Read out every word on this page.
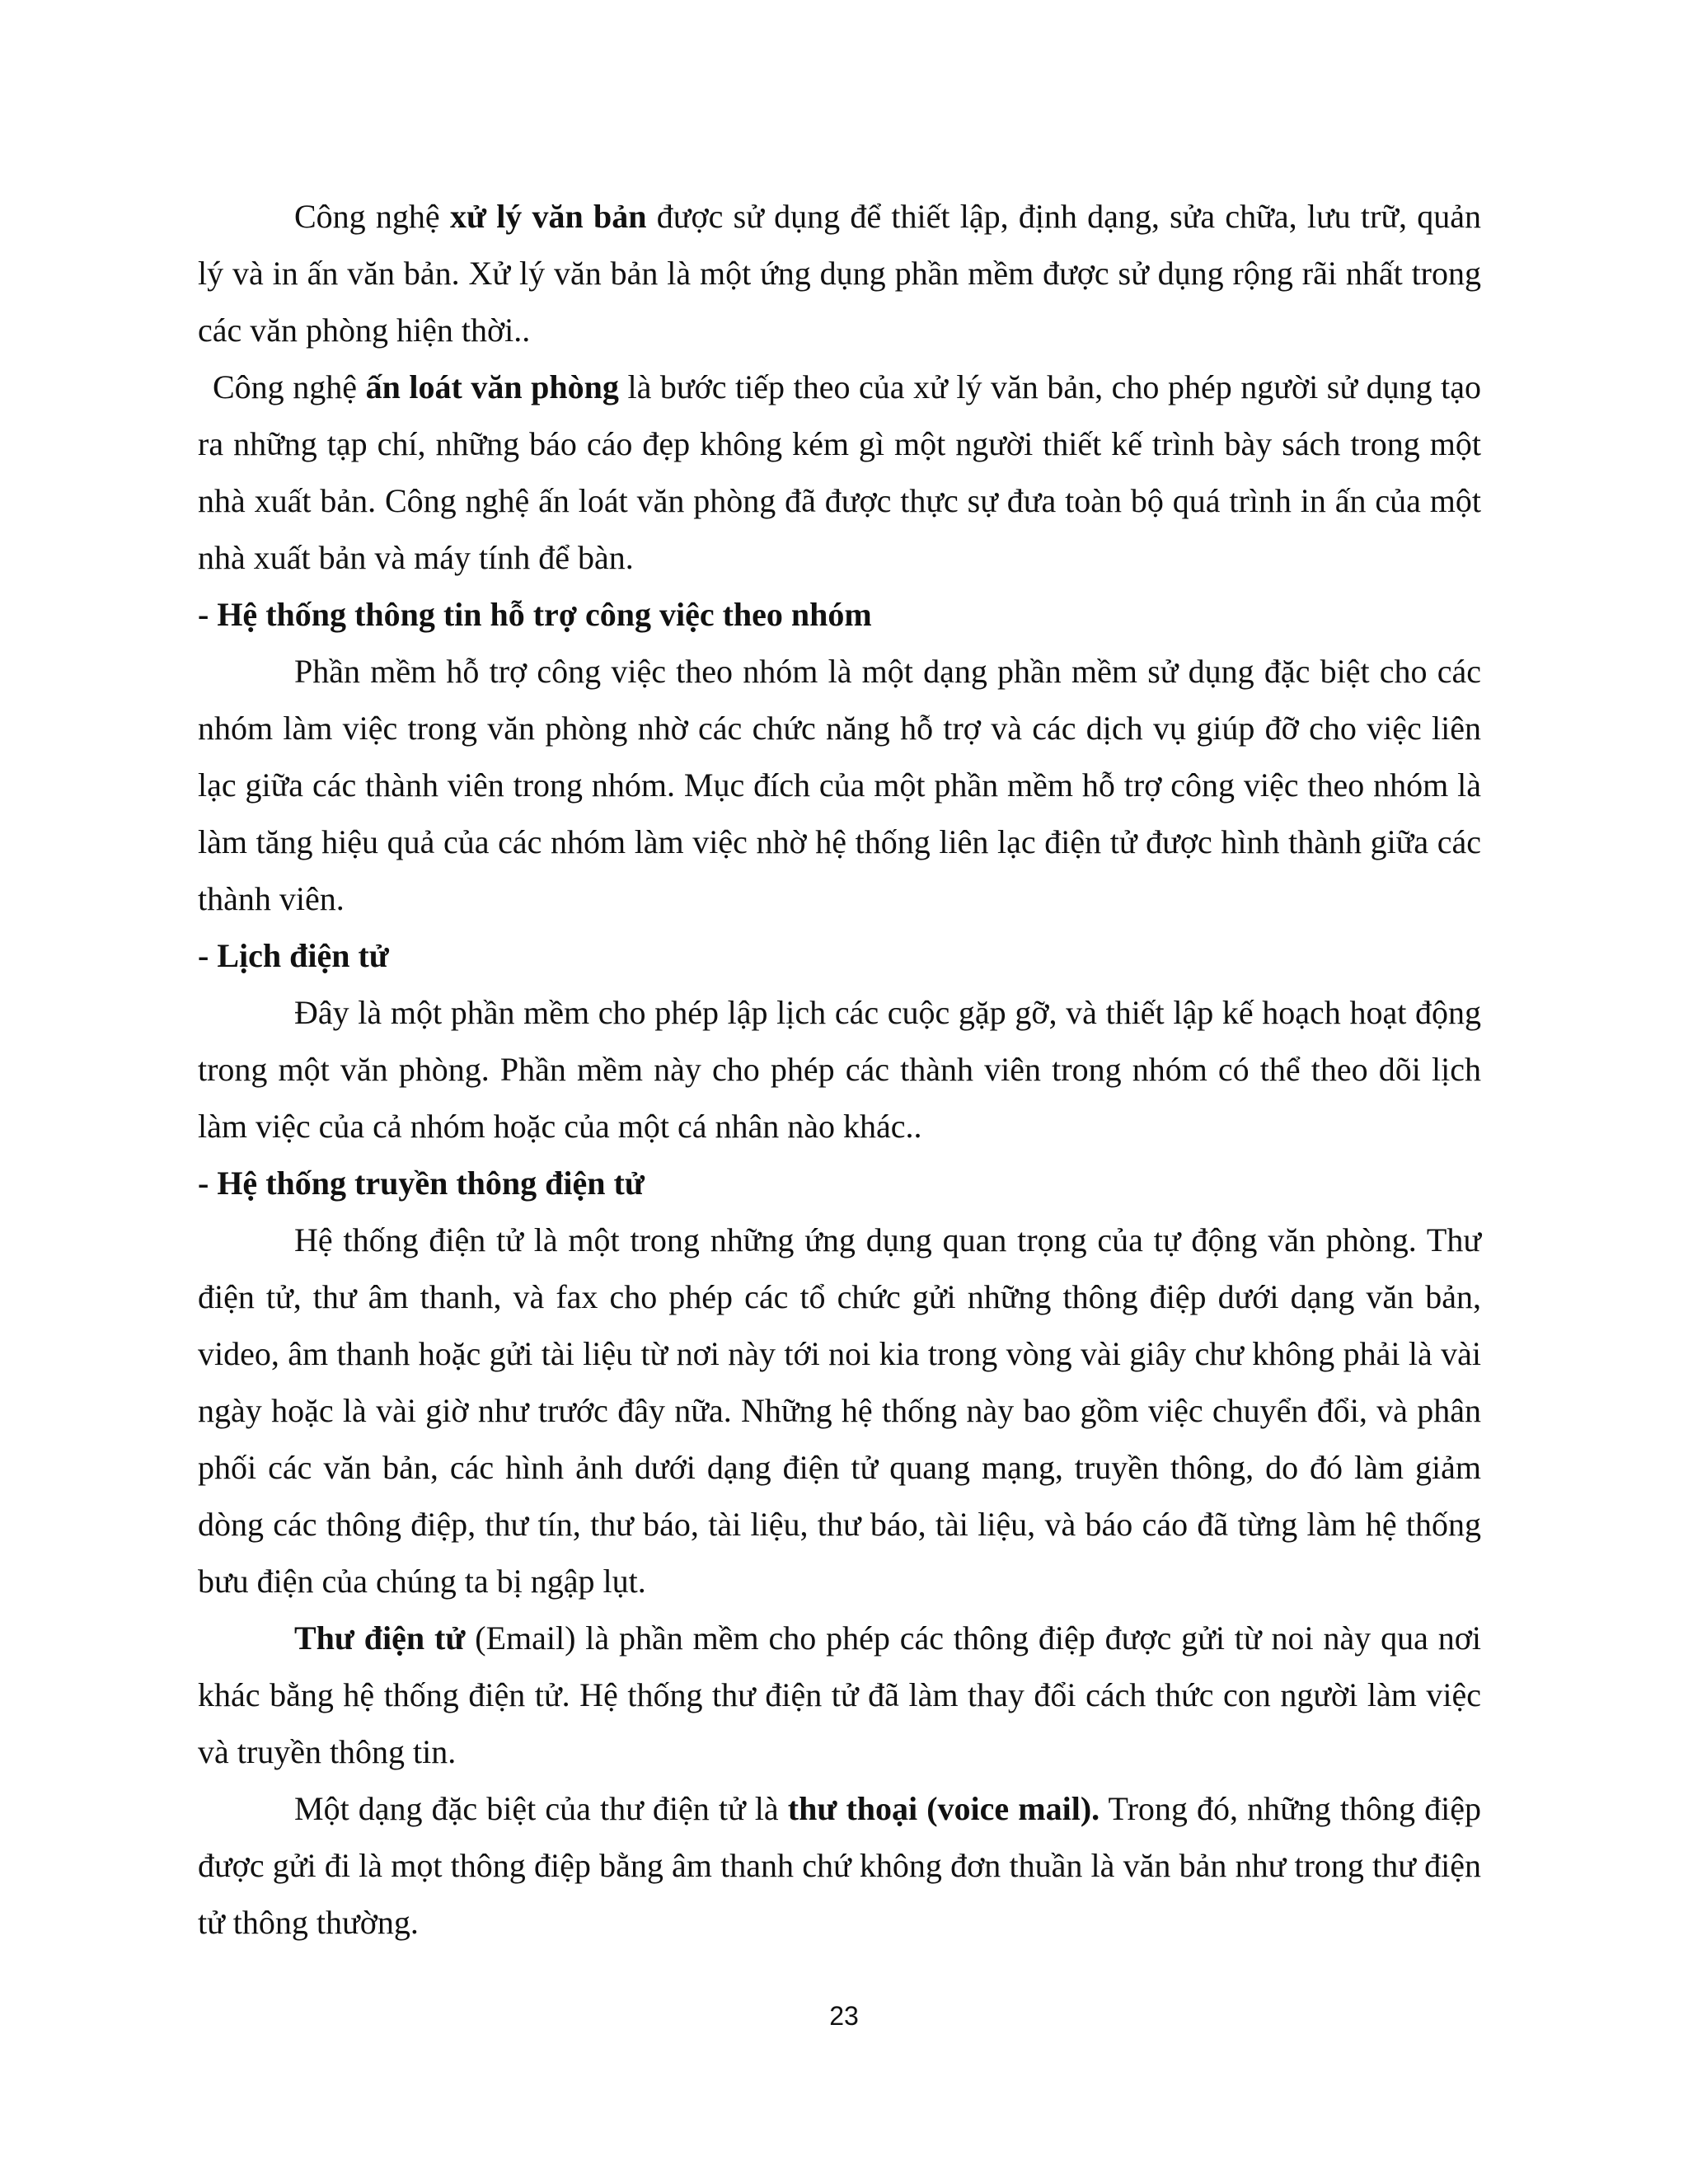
Công nghệ xử lý văn bản được sử dụng để thiết lập, định dạng, sửa chữa, lưu trữ, quản lý và in ấn văn bản. Xử lý văn bản là một ứng dụng phần mềm được sử dụng rộng rãi nhất trong các văn phòng hiện thời..

Công nghệ ấn loát văn phòng là bước tiếp theo của xử lý văn bản, cho phép người sử dụng tạo ra những tạp chí, những báo cáo đẹp không kém gì một người thiết kế trình bày sách trong một nhà xuất bản. Công nghệ ấn loát văn phòng đã được thực sự đưa toàn bộ quá trình in ấn của một nhà xuất bản và máy tính để bàn.

- Hệ thống thông tin hỗ trợ công việc theo nhóm

Phần mềm hỗ trợ công việc theo nhóm là một dạng phần mềm sử dụng đặc biệt cho các nhóm làm việc trong văn phòng nhờ các chức năng hỗ trợ và các dịch vụ giúp đỡ cho việc liên lạc giữa các thành viên trong nhóm. Mục đích của một phần mềm hỗ trợ công việc theo nhóm là làm tăng hiệu quả của các nhóm làm việc nhờ hệ thống liên lạc điện tử được hình thành giữa các thành viên.

- Lịch điện tử

Đây là một phần mềm cho phép lập lịch các cuộc gặp gỡ, và thiết lập kế hoạch hoạt động trong một văn phòng. Phần mềm này cho phép các thành viên trong nhóm có thể theo dõi lịch làm việc của cả nhóm hoặc của một cá nhân nào khác..

- Hệ thống truyền thông điện tử

Hệ thống điện tử là một trong những ứng dụng quan trọng của tự động văn phòng. Thư điện tử, thư âm thanh, và fax cho phép các tổ chức gửi những thông điệp dưới dạng văn bản, video, âm thanh hoặc gửi tài liệu từ nơi này tới noi kia trong vòng vài giây chư không phải là vài ngày hoặc là vài giờ như trước đây nữa. Những hệ thống này bao gồm việc chuyển đổi, và phân phối các văn bản, các hình ảnh dưới dạng điện tử quang mạng, truyền thông, do đó làm giảm dòng các thông điệp, thư tín, thư báo, tài liệu, thư báo, tài liệu, và báo cáo đã từng làm hệ thống bưu điện của chúng ta bị ngập lụt.

Thư điện tử (Email) là phần mềm cho phép các thông điệp được gửi từ noi này qua nơi khác bằng hệ thống điện tử. Hệ thống thư điện tử đã làm thay đổi cách thức con người làm việc và truyền thông tin.

Một dạng đặc biệt của thư điện tử là thư thoại (voice mail). Trong đó, những thông điệp được gửi đi là mọt thông điệp bằng âm thanh chứ không đơn thuần là văn bản như trong thư điện tử thông thường.

23
